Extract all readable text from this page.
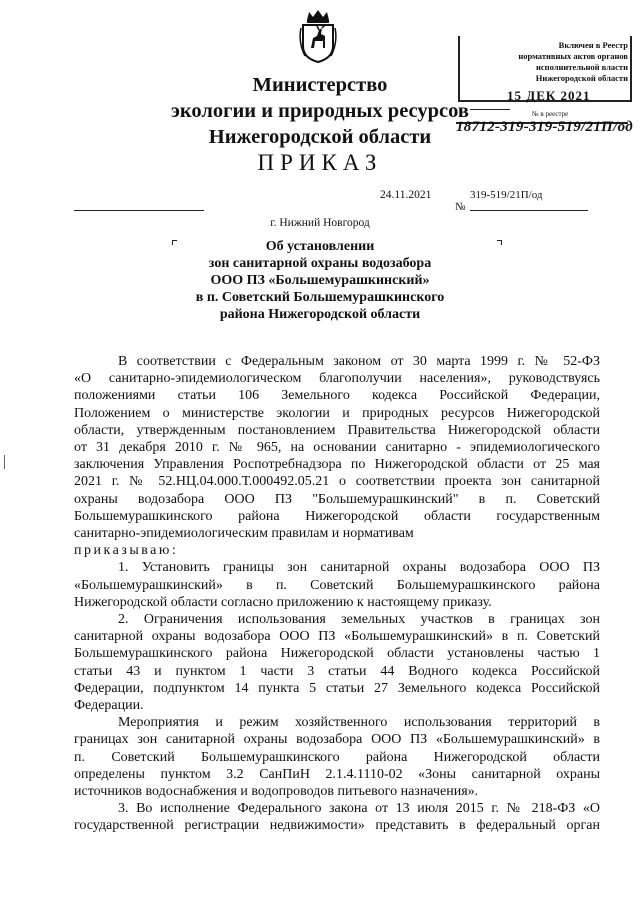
Министерство
экологии и природных ресурсов
Нижегородской области
Включен в Реестр
нормативных актов органов
исполнительной власти
Нижегородской области
15 ДЕК 2021
№ в реестре
18712-319-319-519/21П/од
ПРИКАЗ
24.11.2021	319-519/21П/од
№
г. Нижний Новгород
Об установлении
зон санитарной охраны водозабора
ООО ПЗ «Большемурашкинский»
в п. Советский Большемурашкинского
района Нижегородской области

В соответствии с Федеральным законом от 30 марта 1999 г. № 52-ФЗ

«О санитарно-эпидемиологическом благополучии населения», руководствуясь

положениями статьи 106 Земельного кодекса Российской Федерации,

Положением о министерстве экологии и природных ресурсов Нижегородской

области, утвержденным постановлением Правительства Нижегородской области

от 31 декабря 2010 г. № 965, на основании санитарно - эпидемиологического

заключения Управления Роспотребнадзора по Нижегородской области от 25 мая

2021 г. № 52.НЦ.04.000.Т.000492.05.21 о соответствии проекта зон санитарной

охраны водозабора ООО ПЗ "Большемурашкинский" в п. Советский

Большемурашкинского района Нижегородской области государственным

санитарно-эпидемиологическим правилам и нормативам

приказываю:

1. Установить границы зон санитарной охраны водозабора ООО ПЗ

«Большемурашкинский» в п. Советский Большемурашкинского района

Нижегородской области согласно приложению к настоящему приказу.

2. Ограничения использования земельных участков в границах зон

санитарной охраны водозабора ООО ПЗ «Большемурашкинский» в п. Советский

Большемурашкинского района Нижегородской области установлены частью 1

статьи 43 и пунктом 1 части 3 статьи 44 Водного кодекса Российской

Федерации, подпунктом 14 пункта 5 статьи 27 Земельного кодекса Российской

Федерации.

Мероприятия и режим хозяйственного использования территорий в

границах зон санитарной охраны водозабора ООО ПЗ «Большемурашкинский» в

п. Советский Большемурашкинского района Нижегородской области

определены пунктом 3.2 СанПиН 2.1.4.1110-02 «Зоны санитарной охраны

источников водоснабжения и водопроводов питьевого назначения».

3. Во исполнение Федерального закона от 13 июля 2015 г. № 218-ФЗ «О

государственной регистрации недвижимости» представить в федеральный орган
